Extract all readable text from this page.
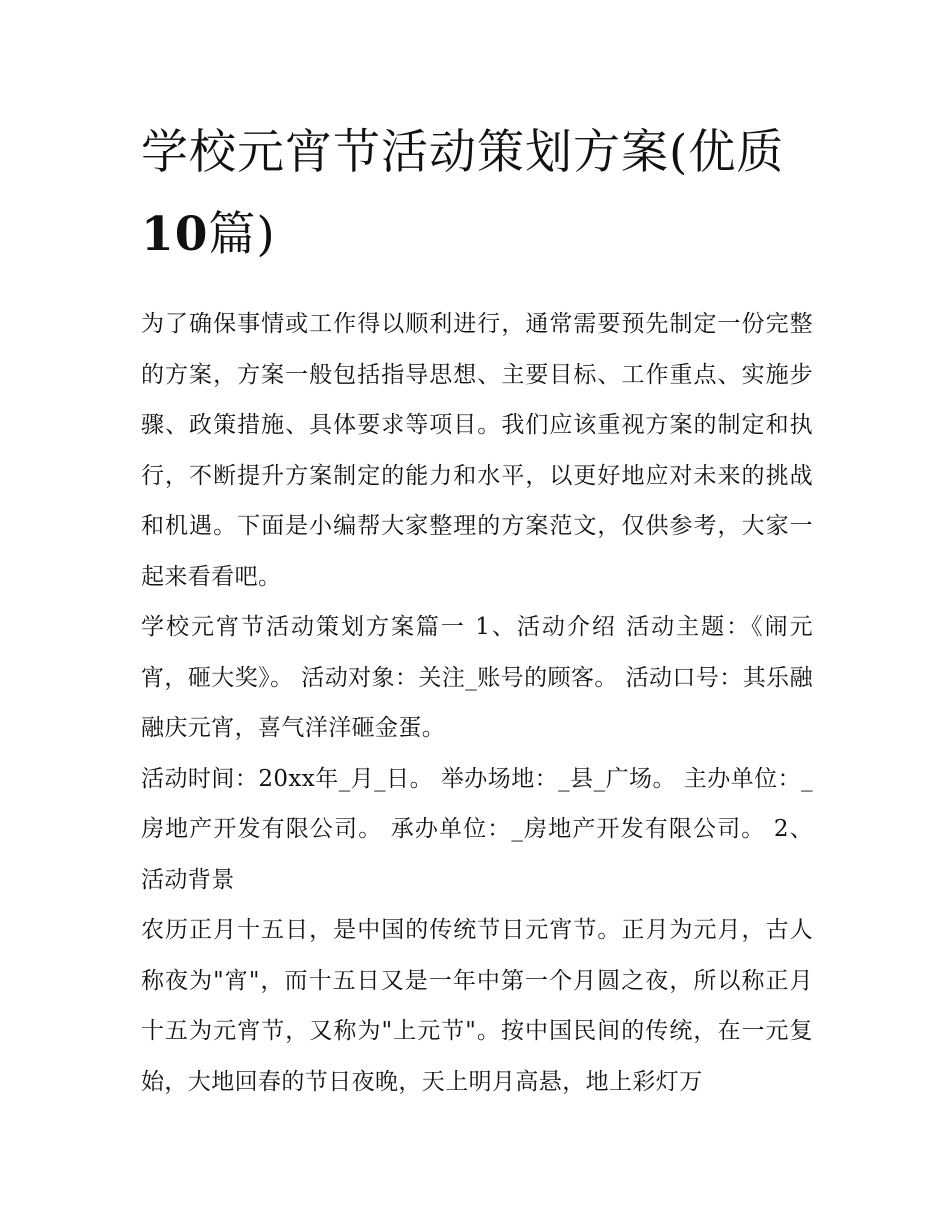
学校元宵节活动策划方案(优质10篇)

为了确保事情或工作得以顺利进行，通常需要预先制定一份完整的方案，方案一般包括指导思想、主要目标、工作重点、实施步骤、政策措施、具体要求等项目。我们应该重视方案的制定和执行，不断提升方案制定的能力和水平，以更好地应对未来的挑战和机遇。下面是小编帮大家整理的方案范文，仅供参考，大家一起来看看吧。

学校元宵节活动策划方案篇一 1、活动介绍 活动主题：《闹元宵，砸大奖》。 活动对象：关注_账号的顾客。 活动口号：其乐融融庆元宵，喜气洋洋砸金蛋。

活动时间：20xx年_月_日。 举办场地：_县_广场。 主办单位：_房地产开发有限公司。 承办单位：_房地产开发有限公司。 2、活动背景

农历正月十五日，是中国的传统节日元宵节。正月为元月，古人称夜为"宵"，而十五日又是一年中第一个月圆之夜，所以称正月十五为元宵节，又称为"上元节"。按中国民间的传统，在一元复始，大地回春的节日夜晚，天上明月高悬，地上彩灯万
